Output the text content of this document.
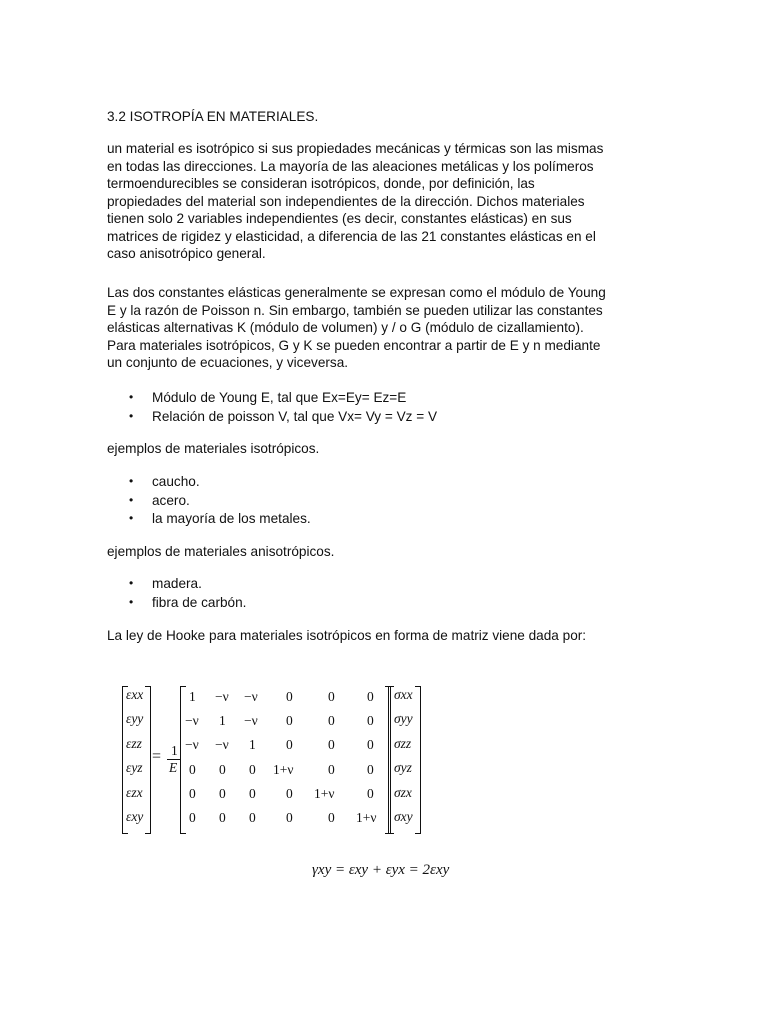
3.2 ISOTROPÍA EN MATERIALES.
un material es isotrópico si sus propiedades mecánicas y térmicas son las mismas
en todas las direcciones. La mayoría de las aleaciones metálicas y los polímeros
termoendurecibles se consideran isotrópicos, donde, por definición, las
propiedades del material son independientes de la dirección. Dichos materiales
tienen solo 2 variables independientes (es decir, constantes elásticas) en sus
matrices de rigidez y elasticidad, a diferencia de las 21 constantes elásticas en el
caso anisotrópico general.
Las dos constantes elásticas generalmente se expresan como el módulo de Young
E y la razón de Poisson n. Sin embargo, también se pueden utilizar las constantes
elásticas alternativas K (módulo de volumen) y / o G (módulo de cizallamiento).
Para materiales isotrópicos, G y K se pueden encontrar a partir de E y n mediante
un conjunto de ecuaciones, y viceversa.
• Módulo de Young E, tal que Ex=Ey= Ez=E
• Relación de poisson V, tal que Vx= Vy = Vz = V
ejemplos de materiales isotrópicos.
• caucho.
• acero.
• la mayoría de los metales.
ejemplos de materiales anisotrópicos.
• madera.
• fibra de carbón.
La ley de Hooke para materiales isotrópicos en forma de matriz viene dada por:
εxx
εyy
εzz
εyz
εzx
εxy
= 1
E
1 −ν −ν 0	0 0
−ν 1 −ν 0	0 0
−ν −ν 1 0	0 0
0 0 0 1+ν	0 0
0 0 0 0 1+ν 0
0 0 0 0	0 1+ν
σxx
σyy
σzz
σyz
σzx
σxy
γxy = εxy + εyx = 2εxy
